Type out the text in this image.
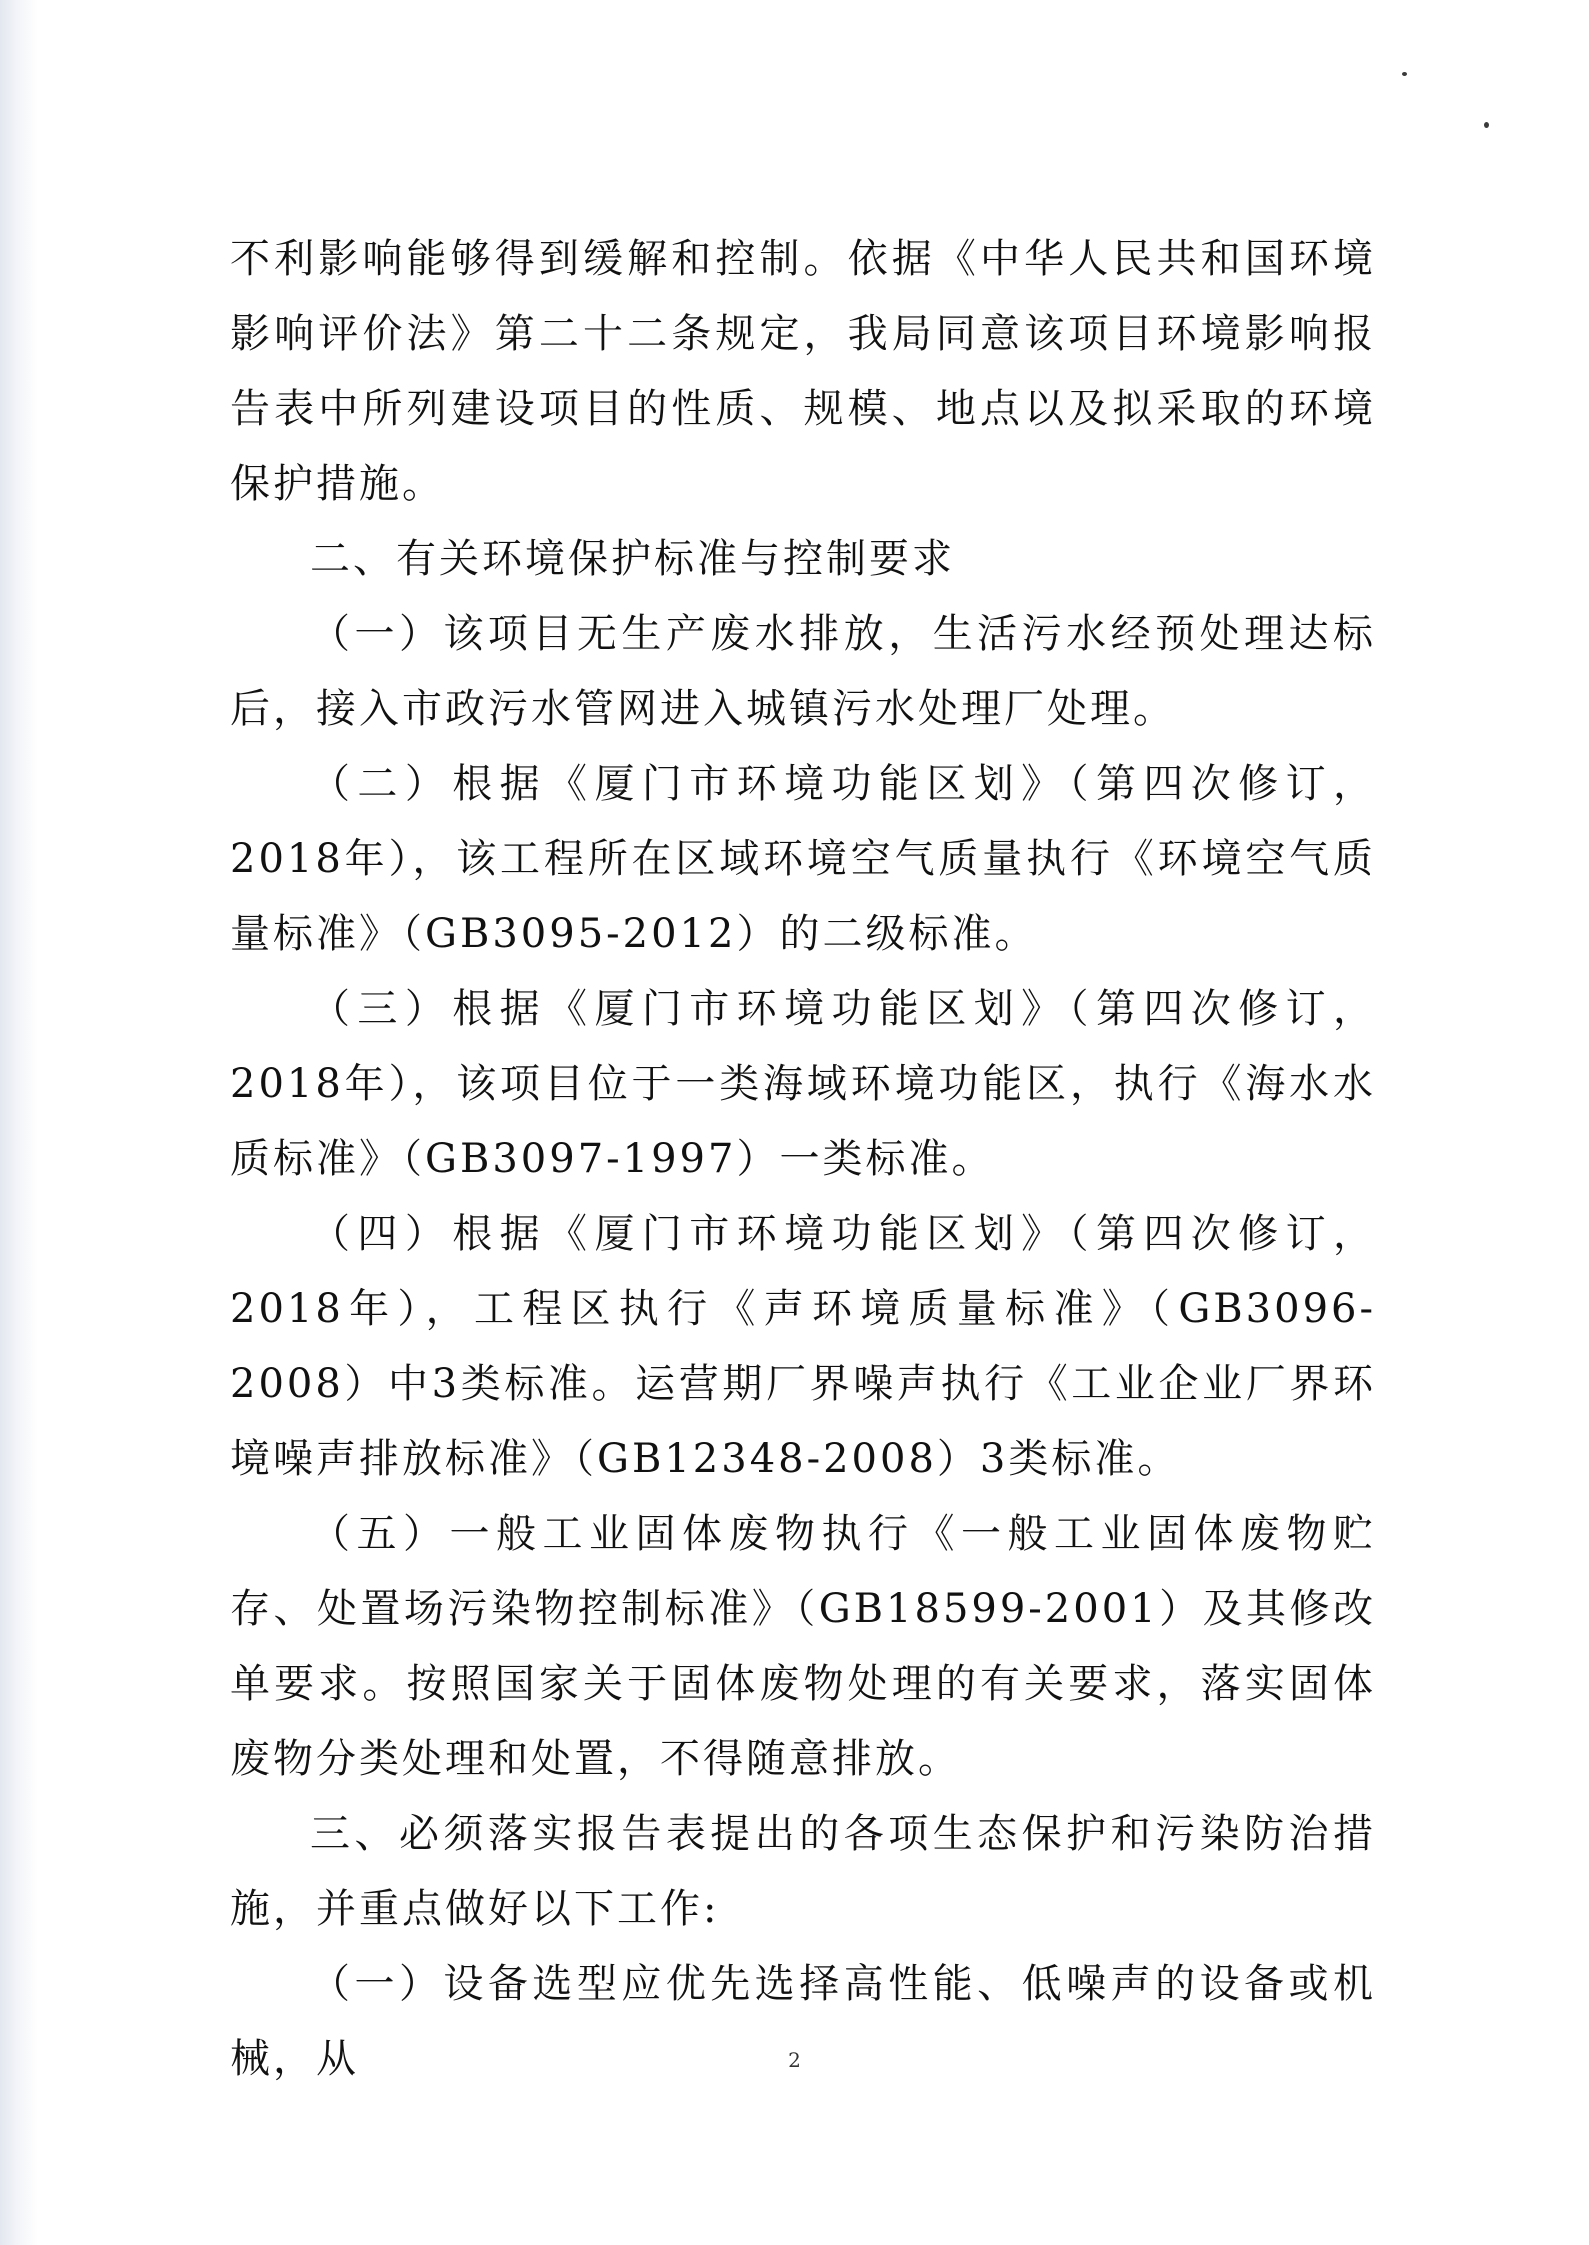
不利影响能够得到缓解和控制。依据《中华人民共和国环境影响评价法》第二十二条规定，我局同意该项目环境影响报告表中所列建设项目的性质、规模、地点以及拟采取的环境保护措施。

二、有关环境保护标准与控制要求

（一）该项目无生产废水排放，生活污水经预处理达标后，接入市政污水管网进入城镇污水处理厂处理。

（二）根据《厦门市环境功能区划》（第四次修订，2018年），该工程所在区域环境空气质量执行《环境空气质量标准》（GB3095-2012）的二级标准。

（三）根据《厦门市环境功能区划》（第四次修订，2018年），该项目位于一类海域环境功能区，执行《海水水质标准》（GB3097-1997）一类标准。

（四）根据《厦门市环境功能区划》（第四次修订，2018年），工程区执行《声环境质量标准》（GB3096-2008）中3类标准。运营期厂界噪声执行《工业企业厂界环境噪声排放标准》（GB12348-2008）3类标准。

（五）一般工业固体废物执行《一般工业固体废物贮存、处置场污染物控制标准》（GB18599-2001）及其修改单要求。按照国家关于固体废物处理的有关要求，落实固体废物分类处理和处置，不得随意排放。

三、必须落实报告表提出的各项生态保护和污染防治措施，并重点做好以下工作:

（一）设备选型应优先选择高性能、低噪声的设备或机械，从	2
